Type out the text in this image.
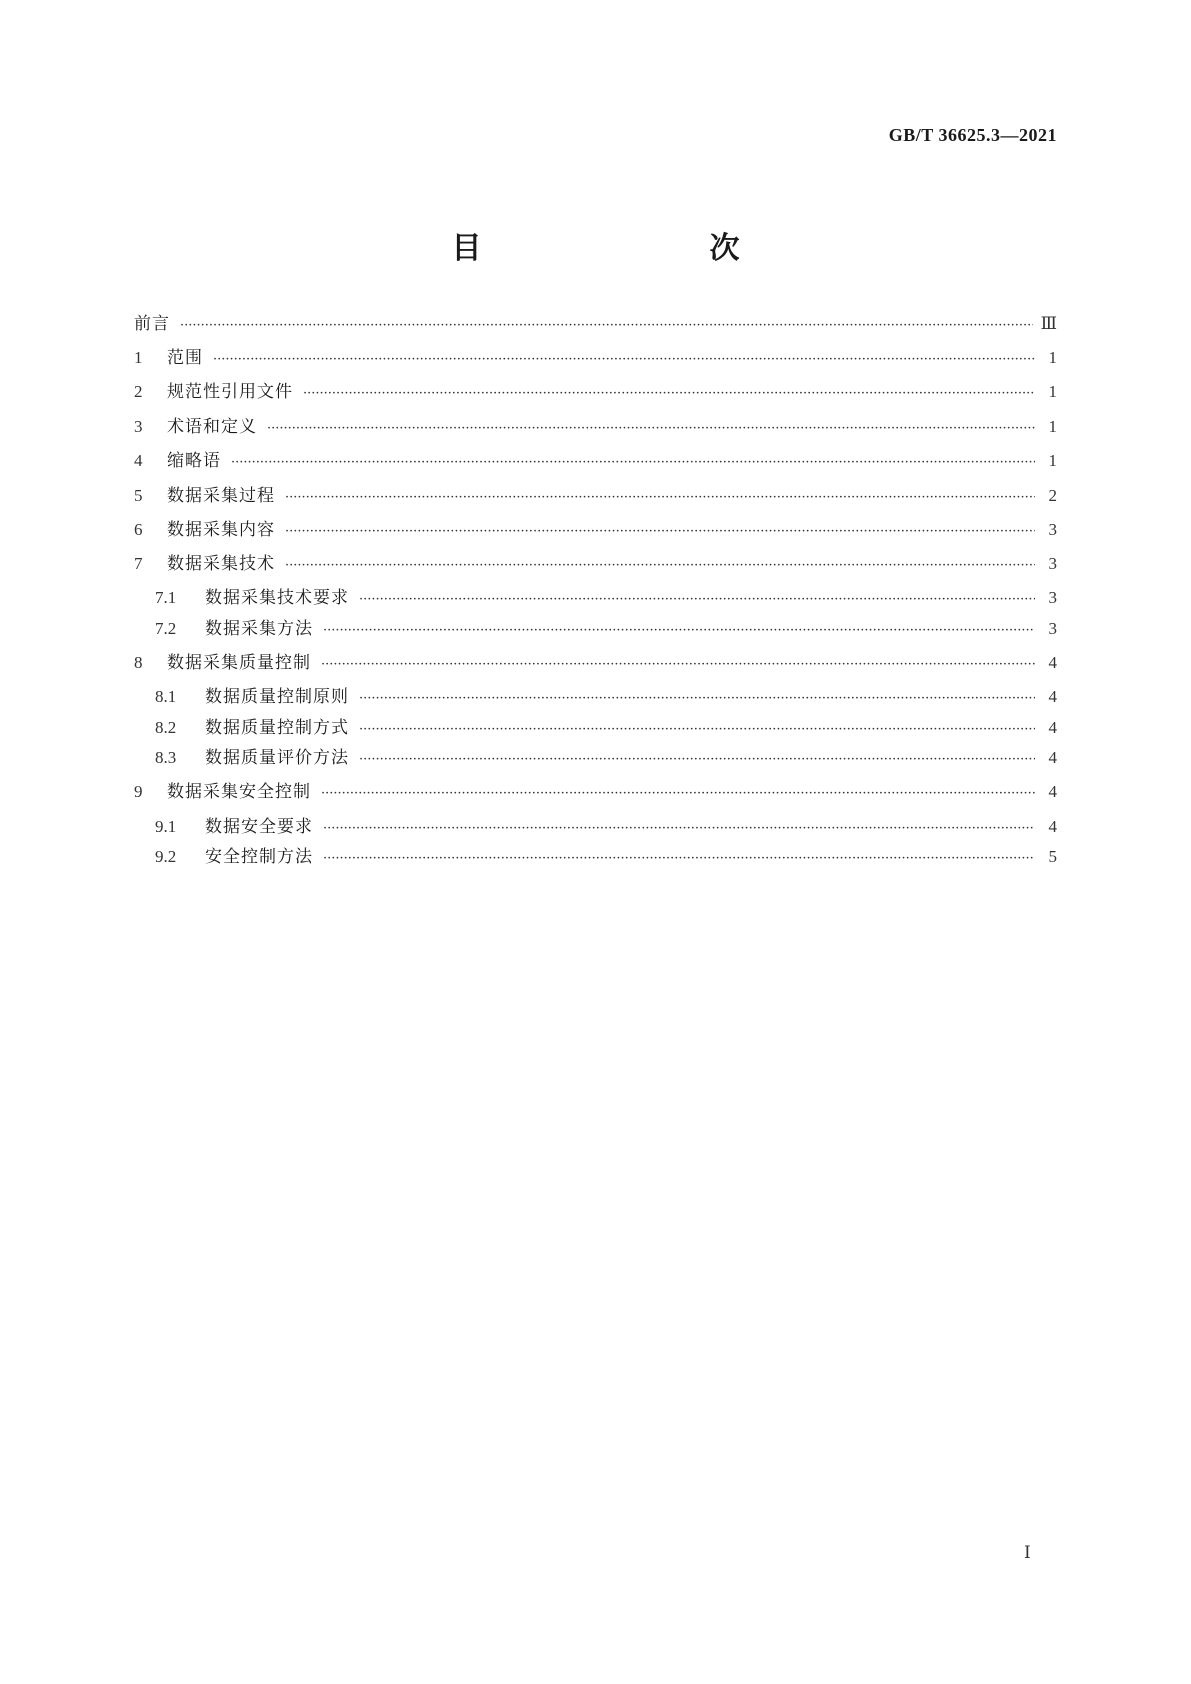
GB/T 36625.3—2021
目　　次
前言 ·····	Ⅲ
1	范围 ·····	1
2	规范性引用文件 ·····	1
3	术语和定义 ·····	1
4	缩略语 ·····	1
5	数据采集过程 ·····	2
6	数据采集内容 ·····	3
7	数据采集技术 ·····	3
7.1	数据采集技术要求 ·····	3
7.2	数据采集方法 ·····	3
8	数据采集质量控制 ·····	4
8.1	数据质量控制原则 ·····	4
8.2	数据质量控制方式 ·····	4
8.3	数据质量评价方法 ·····	4
9	数据采集安全控制 ·····	4
9.1	数据安全要求 ·····	4
9.2	安全控制方法 ·····	5
Ⅰ
